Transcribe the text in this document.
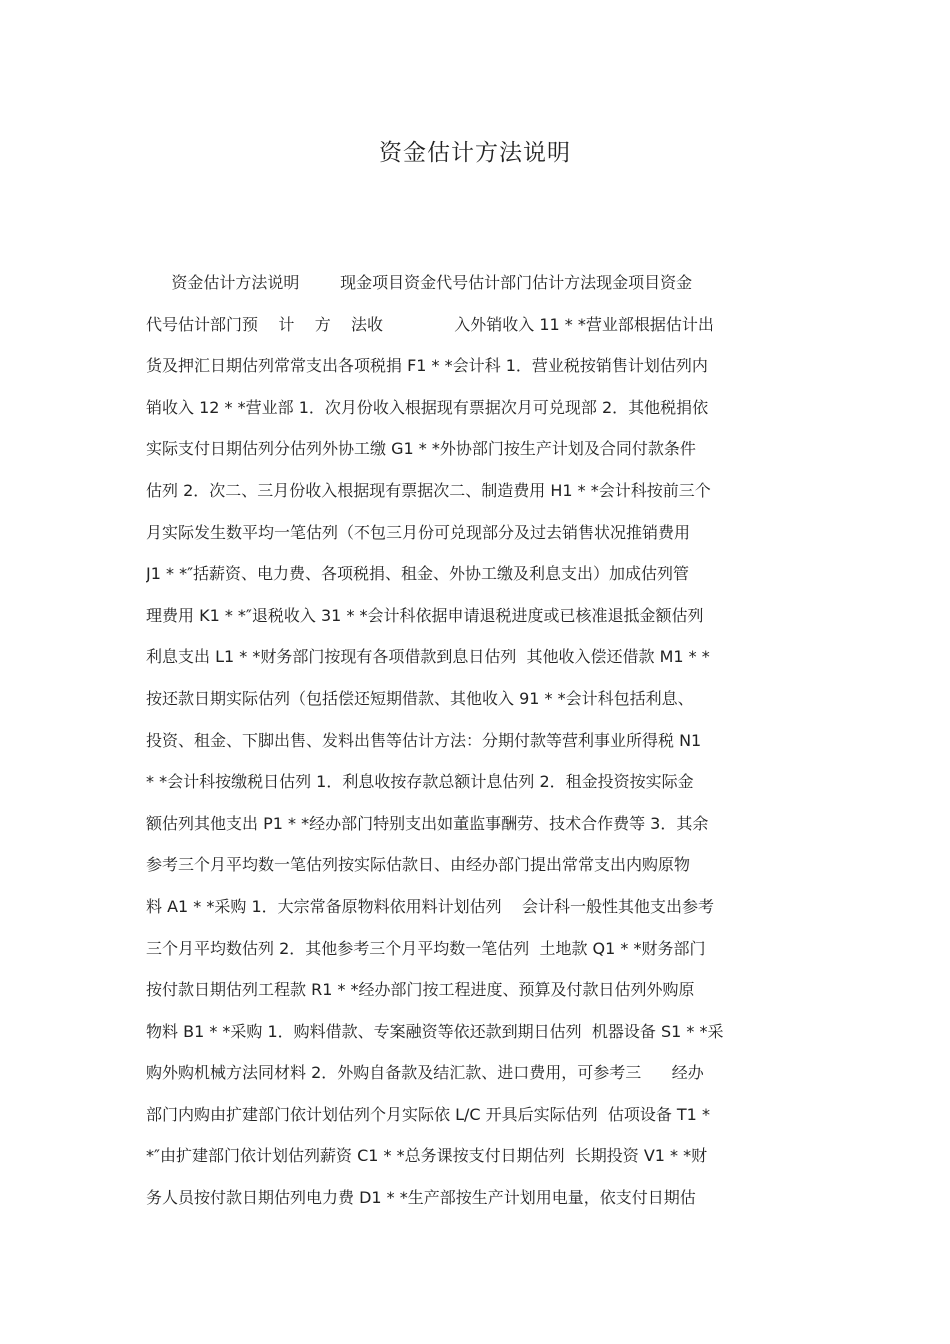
资金估计方法说明
资金估计方法说明        现金项目资金代号估计部门估计方法现金项目资金
代号估计部门预    计    方    法收              入外销收入 11 * *营业部根据估计出
货及押汇日期估列常常支出各项税捐 F1 * *会计科 1．营业税按销售计划估列内
销收入 12 * *营业部 1．次月份收入根据现有票据次月可兑现部 2．其他税捐依
实际支付日期估列分估列外协工缴 G1 * *外协部门按生产计划及合同付款条件
估列 2．次二、三月份收入根据现有票据次二、制造费用 H1 * *会计科按前三个
月实际发生数平均一笔估列（不包三月份可兑现部分及过去销售状况推销费用
J1 * *″括薪资、电力费、各项税捐、租金、外协工缴及利息支出）加成估列管
理费用 K1 * *″退税收入 31 * *会计科依据申请退税进度或已核准退抵金额估列
利息支出 L1 * *财务部门按现有各项借款到息日估列  其他收入偿还借款 M1 * *
按还款日期实际估列（包括偿还短期借款、其他收入 91 * *会计科包括利息、
投资、租金、下脚出售、发料出售等估计方法：分期付款等营利事业所得税 N1
* *会计科按缴税日估列 1．利息收按存款总额计息估列 2．租金投资按实际金
额估列其他支出 P1 * *经办部门特别支出如董监事酬劳、技术合作费等 3．其余
参考三个月平均数一笔估列按实际估款日、由经办部门提出常常支出内购原物
料 A1 * *采购 1．大宗常备原物料依用料计划估列    会计科一般性其他支出参考
三个月平均数估列 2．其他参考三个月平均数一笔估列  土地款 Q1 * *财务部门
按付款日期估列工程款 R1 * *经办部门按工程进度、预算及付款日估列外购原
物料 B1 * *采购 1．购料借款、专案融资等依还款到期日估列  机器设备 S1 * *采
购外购机械方法同材料 2．外购自备款及结汇款、进口费用，可参考三      经办
部门内购由扩建部门依计划估列个月实际依 L/C 开具后实际估列  估项设备 T1 *
*″由扩建部门依计划估列薪资 C1 * *总务课按支付日期估列  长期投资 V1 * *财
务人员按付款日期估列电力费 D1 * *生产部按生产计划用电量，依支付日期估
